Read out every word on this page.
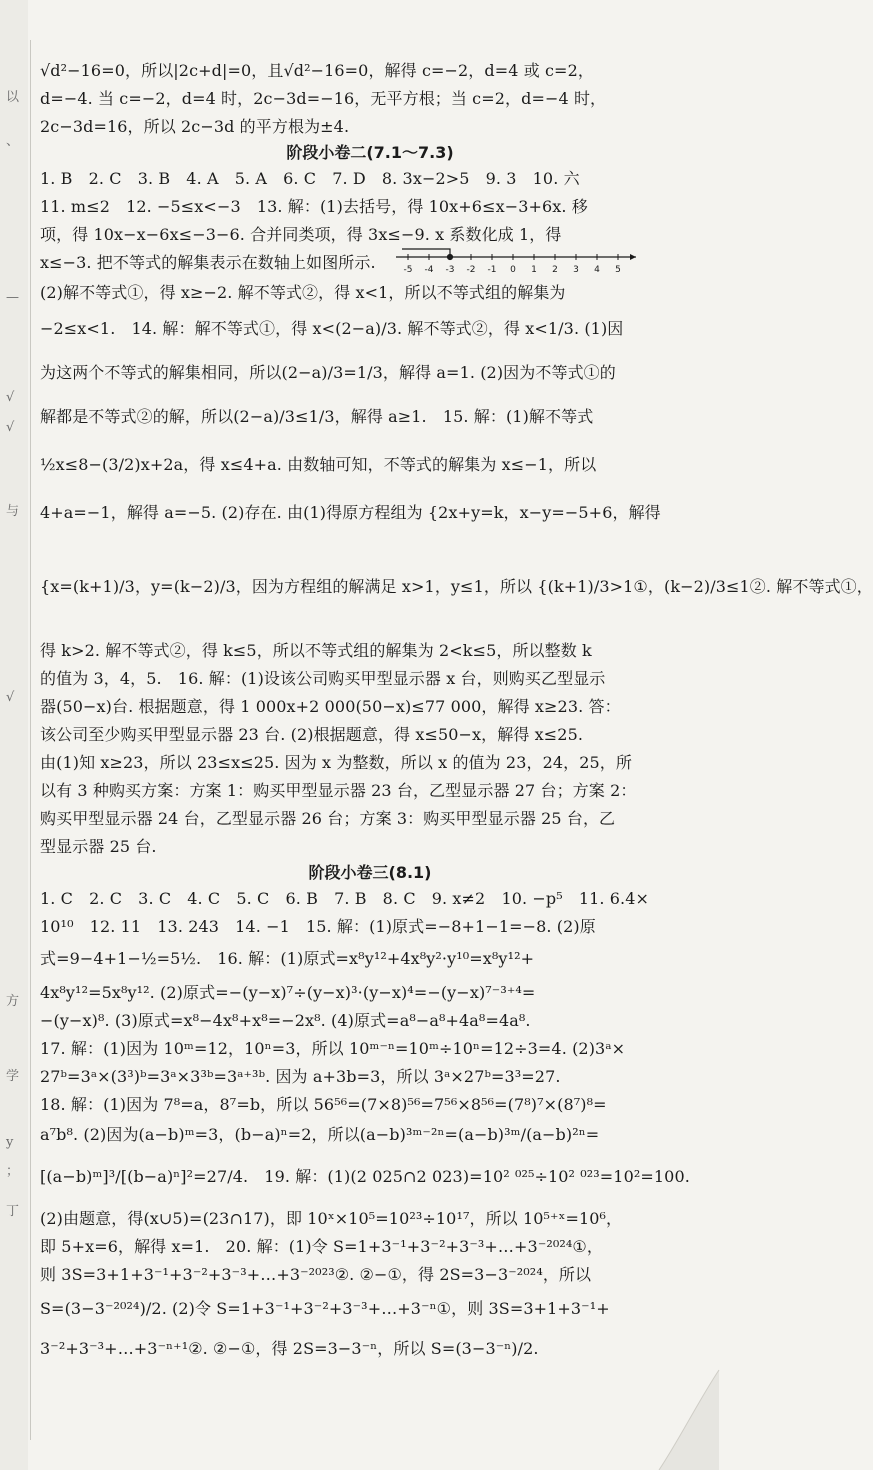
以
、
—
√
√
与
√
方
学
y
；
丁
√d²−16=0，所以|2c+d|=0，且√d²−16=0，解得 c=−2，d=4 或 c=2，
d=−4. 当 c=−2，d=4 时，2c−3d=−16，无平方根；当 c=2，d=−4 时，
2c−3d=16，所以 2c−3d 的平方根为±4.
阶段小卷二(7.1～7.3)
1. B　2. C　3. B　4. A　5. A　6. C　7. D　8. 3x−2>5　9. 3　10. 六
11. m≤2　12. −5≤x<−3　13. 解：(1)去括号，得 10x+6≤x−3+6x. 移
项，得 10x−x−6x≤−3−6. 合并同类项，得 3x≤−9. x 系数化成 1，得
x≤−3. 把不等式的解集表示在数轴上如图所示.
(2)解不等式①，得 x≥−2. 解不等式②，得 x<1，所以不等式组的解集为
−2≤x<1.　14. 解：解不等式①，得 x<(2−a)/3. 解不等式②，得 x<1/3. (1)因
为这两个不等式的解集相同，所以(2−a)/3=1/3，解得 a=1. (2)因为不等式①的
解都是不等式②的解，所以(2−a)/3≤1/3，解得 a≥1.　15. 解：(1)解不等式
½x≤8−(3/2)x+2a，得 x≤4+a. 由数轴可知，不等式的解集为 x≤−1，所以
4+a=−1，解得 a=−5. (2)存在. 由(1)得原方程组为 {2x+y=k，x−y=−5+6，解得
{x=(k+1)/3，y=(k−2)/3，因为方程组的解满足 x>1，y≤1，所以 {(k+1)/3>1①，(k−2)/3≤1②. 解不等式①，
得 k>2. 解不等式②，得 k≤5，所以不等式组的解集为 2<k≤5，所以整数 k
的值为 3，4，5.　16. 解：(1)设该公司购买甲型显示器 x 台，则购买乙型显示
器(50−x)台. 根据题意，得 1 000x+2 000(50−x)≤77 000，解得 x≥23. 答：
该公司至少购买甲型显示器 23 台. (2)根据题意，得 x≤50−x，解得 x≤25.
由(1)知 x≥23，所以 23≤x≤25. 因为 x 为整数，所以 x 的值为 23，24，25，所
以有 3 种购买方案：方案 1：购买甲型显示器 23 台，乙型显示器 27 台；方案 2：
购买甲型显示器 24 台，乙型显示器 26 台；方案 3：购买甲型显示器 25 台，乙
型显示器 25 台.
阶段小卷三(8.1)
1. C　2. C　3. C　4. C　5. C　6. B　7. B　8. C　9. x≠2　10. −p⁵　11. 6.4×
10¹⁰　12. 11　13. 243　14. −1　15. 解：(1)原式=−8+1−1=−8. (2)原
式=9−4+1−½=5½.　16. 解：(1)原式=x⁸y¹²+4x⁸y²·y¹⁰=x⁸y¹²+
4x⁸y¹²=5x⁸y¹². (2)原式=−(y−x)⁷÷(y−x)³·(y−x)⁴=−(y−x)⁷⁻³⁺⁴=
−(y−x)⁸. (3)原式=x⁸−4x⁸+x⁸=−2x⁸. (4)原式=a⁸−a⁸+4a⁸=4a⁸.
17. 解：(1)因为 10ᵐ=12，10ⁿ=3，所以 10ᵐ⁻ⁿ=10ᵐ÷10ⁿ=12÷3=4. (2)3ᵃ×
27ᵇ=3ᵃ×(3³)ᵇ=3ᵃ×3³ᵇ=3ᵃ⁺³ᵇ. 因为 a+3b=3，所以 3ᵃ×27ᵇ=3³=27.
18. 解：(1)因为 7⁸=a，8⁷=b，所以 56⁵⁶=(7×8)⁵⁶=7⁵⁶×8⁵⁶=(7⁸)⁷×(8⁷)⁸=
a⁷b⁸. (2)因为(a−b)ᵐ=3，(b−a)ⁿ=2，所以(a−b)³ᵐ⁻²ⁿ=(a−b)³ᵐ/(a−b)²ⁿ=
[(a−b)ᵐ]³/[(b−a)ⁿ]²=27/4.　19. 解：(1)(2 025∩2 023)=10² ⁰²⁵÷10² ⁰²³=10²=100.
(2)由题意，得(x∪5)=(23∩17)，即 10ˣ×10⁵=10²³÷10¹⁷，所以 10⁵⁺ˣ=10⁶，
即 5+x=6，解得 x=1.　20. 解：(1)令 S=1+3⁻¹+3⁻²+3⁻³+…+3⁻²⁰²⁴①，
则 3S=3+1+3⁻¹+3⁻²+3⁻³+…+3⁻²⁰²³②. ②−①，得 2S=3−3⁻²⁰²⁴，所以
S=(3−3⁻²⁰²⁴)/2. (2)令 S=1+3⁻¹+3⁻²+3⁻³+…+3⁻ⁿ①，则 3S=3+1+3⁻¹+
3⁻²+3⁻³+…+3⁻ⁿ⁺¹②. ②−①，得 2S=3−3⁻ⁿ，所以 S=(3−3⁻ⁿ)/2.
-5 -4 -3 -2 -1 0 1 2 3 4 5
